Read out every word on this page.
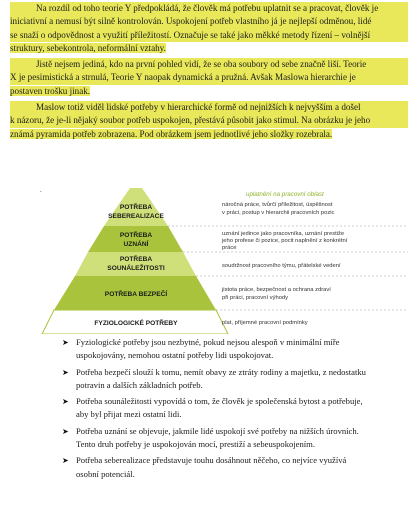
Na rozdíl od toho teorie Y předpokládá, že člověk má potřebu uplatnit se a pracovat, člověk je
iniciativní a nemusí být silně kontrolován. Uspokojení potřeb vlastního já je nejlepší odměnou, lidé
se snaží o odpovědnost a využití příležitostí. Označuje se také jako měkké metody řízení – volnější
struktury, sebekontrola, neformální vztahy.

Jistě nejsem jediná, kdo na první pohled vidí, že se oba soubory od sebe značně liší. Teorie
X je pesimistická a strnulá, Teorie Y naopak dynamická a pružná. Avšak Maslowa hierarchie je
postaven trošku jinak.

Maslow totiž viděl lidské potřeby v hierarchické formě od nejnižších k nejvyšším a došel
k názoru, že je-li nějaký soubor potřeb uspokojen, přestává působit jako stimul. Na obrázku je jeho
známá pyramida potřeb zobrazena. Pod obrázkem jsem jednotlivé jeho složky rozebrala.

.
uplatnění na pracovní oblast
POTŘEBA
SEBEREALIZACE
POTŘEBA
UZNÁNÍ
POTŘEBA
SOUNÁLEŽITOSTI
POTŘEBA BEZPEČÍ
FYZIOLOGICKÉ POTŘEBY
náročná práce, tvůrčí příležitost, úspěšnost
v práci, postup v hierarchii pracovních pozic
uznání jedince jako pracovníka, uznání prestiže
jeho profese či pozice, pocit naplnění z konkrétní
práce
soudržnost pracovního týmu, přátelské vedení
jistota práce, bezpečnost a ochrana zdraví
při práci, pracovní výhody
plat, příjemné pracovní podmínky
➤ Fyziologické potřeby jsou nezbytné, pokud nejsou alespoň v minimální míře
uspokojovány, nemohou ostatní potřeby lidi uspokojovat.
➤ Potřeba bezpečí slouží k tomu, nemít obavy ze ztráty rodiny a majetku, z nedostatku
potravin a dalších základních potřeb.
➤ Potřeba sounáležitosti vypovídá o tom, že člověk je společenská bytost a potřebuje,
aby byl přijat mezi ostatní lidi.
➤ Potřeba uznání se objevuje, jakmile lidé uspokojí své potřeby na nižších úrovních.
Tento druh potřeby je uspokojován mocí, prestiží a sebeuspokojením.
➤ Potřeba seberealizace představuje touhu dosáhnout něčeho, co nejvíce využívá
osobní potenciál.
